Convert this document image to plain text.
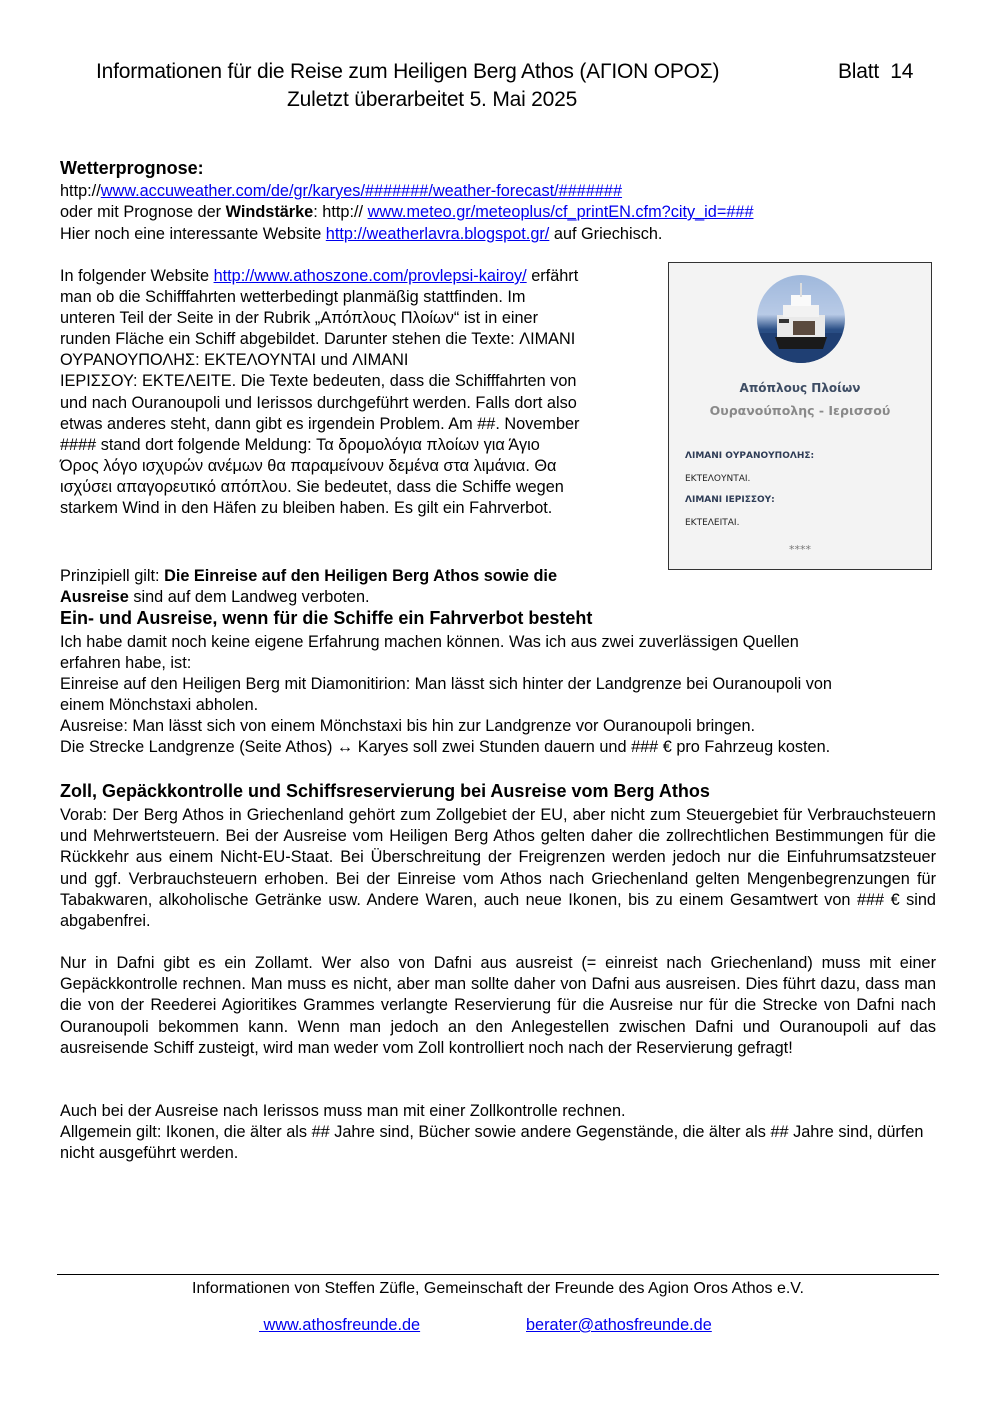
Informationen für die Reise zum Heiligen Berg Athos (ΑΓΙΟΝ ΟΡΟΣ)	Blatt  14
Zuletzt überarbeitet 5. Mai 2025
Wetterprognose:
http://www.accuweather.com/de/gr/karyes/#######/weather-forecast/#######
oder mit Prognose der Windstärke: http:// www.meteo.gr/meteoplus/cf_printEN.cfm?city_id=###
Hier noch eine interessante Website http://weatherlavra.blogspot.gr/ auf Griechisch.
In folgender Website http://www.athoszone.com/provlepsi-kairoy/ erfährt
man ob die Schifffahrten wetterbedingt planmäßig stattfinden. Im
unteren Teil der Seite in der Rubrik „Απόπλους Πλοίων“ ist in einer
runden Fläche ein Schiff abgebildet. Darunter stehen die Texte: ΛΙΜΑΝΙ
ΟΥΡΑΝΟΥΠΟΛΗΣ: ΕΚΤΕΛΟΥΝΤΑΙ und ΛΙΜΑΝΙ
ΙΕΡΙΣΣΟΥ: ΕΚΤΕΛΕΙΤΕ. Die Texte bedeuten, dass die Schifffahrten von
und nach Ouranoupoli und Ierissos durchgeführt werden. Falls dort also
etwas anderes steht, dann gibt es irgendein Problem. Am ##. November
#### stand dort folgende Meldung: Τα δρομολόγια πλοίων για Άγιο
Όρος λόγο ισχυρών ανέμων θα παραμείνουν δεμένα στα λιμάνια. Θα
ισχύσει απαγορευτικό απόπλου. Sie bedeutet, dass die Schiffe wegen
starkem Wind in den Häfen zu bleiben haben. Es gilt ein Fahrverbot.
Απόπλους Πλοίων
Ουρανούπολης - Ιερισσού
ΛΙΜΑΝΙ ΟΥΡΑΝΟΥΠΟΛΗΣ:
ΕΚΤΕΛΟΥΝΤΑΙ.
ΛΙΜΑΝΙ ΙΕΡΙΣΣΟΥ:
ΕΚΤΕΛΕΙΤΑΙ.
****
Prinzipiell gilt: Die Einreise auf den Heiligen Berg Athos sowie die
Ausreise sind auf dem Landweg verboten.
Ein- und Ausreise, wenn für die Schiffe ein Fahrverbot besteht
Ich habe damit noch keine eigene Erfahrung machen können. Was ich aus zwei zuverlässigen Quellen
erfahren habe, ist:
Einreise auf den Heiligen Berg mit Diamonitirion: Man lässt sich hinter der Landgrenze bei Ouranoupoli von
einem Mönchstaxi abholen.
Ausreise: Man lässt sich von einem Mönchstaxi bis hin zur Landgrenze vor Ouranoupoli bringen.
Die Strecke Landgrenze (Seite Athos) ↔ Karyes soll zwei Stunden dauern und ### € pro Fahrzeug kosten.
Zoll, Gepäckkontrolle und Schiffsreservierung bei Ausreise vom Berg Athos
Vorab: Der Berg Athos in Griechenland gehört zum Zollgebiet der EU, aber nicht zum Steuergebiet für Verbrauchsteuern und Mehrwertsteuern. Bei der Ausreise vom Heiligen Berg Athos gelten daher die zollrechtlichen Bestimmungen für die Rückkehr aus einem Nicht-EU-Staat. Bei Überschreitung der Freigrenzen werden jedoch nur die Einfuhrumsatzsteuer und ggf. Verbrauchsteuern erhoben. Bei der Einreise vom Athos nach Griechenland gelten Mengenbegrenzungen für Tabakwaren, alkoholische Getränke usw. Andere Waren, auch neue Ikonen, bis zu einem Gesamtwert von ### € sind abgabenfrei.
Nur in Dafni gibt es ein Zollamt. Wer also von Dafni aus ausreist (= einreist nach Griechenland) muss mit einer Gepäckkontrolle rechnen. Man muss es nicht, aber man sollte daher von Dafni aus ausreisen. Dies führt dazu, dass man die von der Reederei Agioritikes Grammes verlangte Reservierung für die Ausreise nur für die Strecke von Dafni nach Ouranoupoli bekommen kann. Wenn man jedoch an den Anlegestellen zwischen Dafni und Ouranoupoli auf das ausreisende Schiff zusteigt, wird man weder vom Zoll kontrolliert noch nach der Reservierung gefragt!
Auch bei der Ausreise nach Ierissos muss man mit einer Zollkontrolle rechnen.
Allgemein gilt: Ikonen, die älter als ## Jahre sind, Bücher sowie andere Gegenstände, die älter als ## Jahre sind, dürfen nicht ausgeführt werden.
Informationen von Steffen Züfle, Gemeinschaft der Freunde des Agion Oros Athos e.V.
www.athosfreunde.de	berater@athosfreunde.de
